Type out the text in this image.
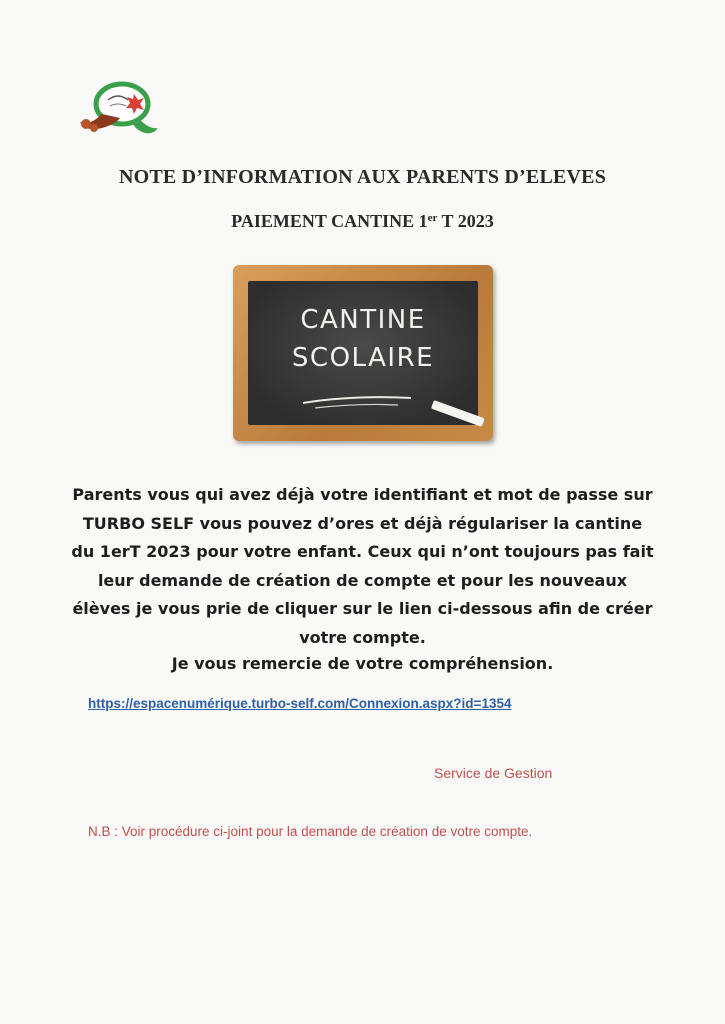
NOTE D’INFORMATION AUX PARENTS D’ELEVES
PAIEMENT CANTINE 1er T 2023
CANTINE
SCOLAIRE
Parents vous qui avez déjà votre identifiant et mot de passe sur TURBO SELF vous pouvez d’ores et déjà régulariser la cantine du 1erT 2023 pour votre enfant. Ceux qui n’ont toujours pas fait leur demande de création de compte et pour les nouveaux élèves je vous prie de cliquer sur le lien ci-dessous afin de créer votre compte.
Je vous remercie de votre compréhension.
https://espacenumérique.turbo-self.com/Connexion.aspx?id=1354
Service de Gestion
N.B : Voir procédure ci-joint pour la demande de création de votre compte.
